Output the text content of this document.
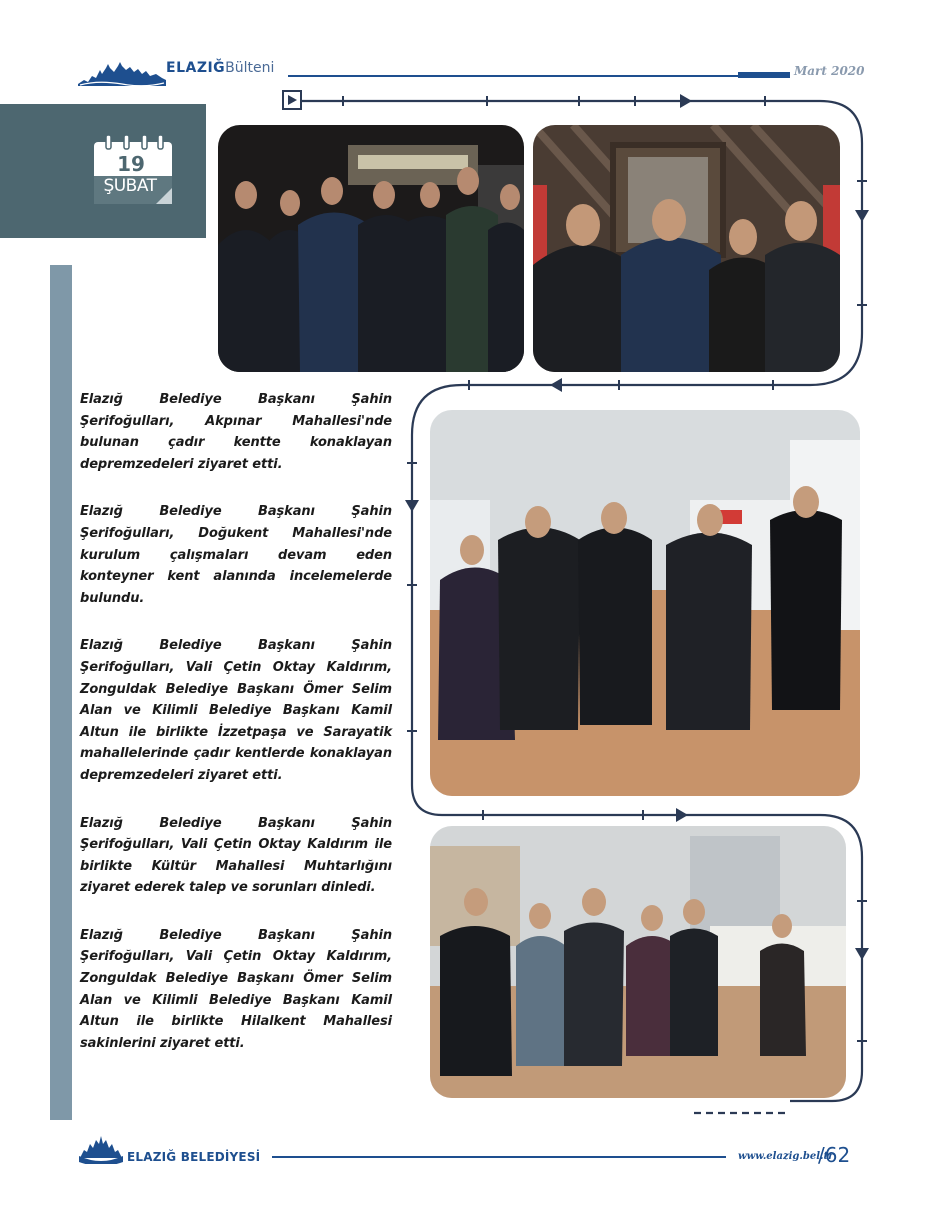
ELAZIĞBülteni	Mart 2020
19
ŞUBAT

Elazığ Belediye Başkanı Şahin Şerifoğulları, Akpınar Mahallesi'nde bulunan çadır kentte konaklayan depremzedeleri ziyaret etti.

Elazığ Belediye Başkanı Şahin Şerifoğulları, Doğukent Mahallesi'nde kurulum çalışmaları devam eden konteyner kent alanında incelemelerde bulundu.

Elazığ Belediye Başkanı Şahin Şerifoğulları, Vali Çetin Oktay Kaldırım, Zonguldak Belediye Başkanı Ömer Selim Alan ve Kilimli Belediye Başkanı Kamil Altun ile birlikte İzzetpaşa ve Sarayatik mahallelerinde çadır kentlerde konaklayan depremzedeleri ziyaret etti.

Elazığ Belediye Başkanı Şahin Şerifoğulları, Vali Çetin Oktay Kaldırım ile birlikte Kültür Mahallesi Muhtarlığını ziyaret ederek talep ve sorunları dinledi.

Elazığ Belediye Başkanı Şahin Şerifoğulları, Vali Çetin Oktay Kaldırım, Zonguldak Belediye Başkanı Ömer Selim Alan ve Kilimli Belediye Başkanı Kamil Altun ile birlikte Hilalkent Mahallesi sakinlerini ziyaret etti.

ELAZIĞ BELEDİYESİ	www.elazig.bel.tr
/62
